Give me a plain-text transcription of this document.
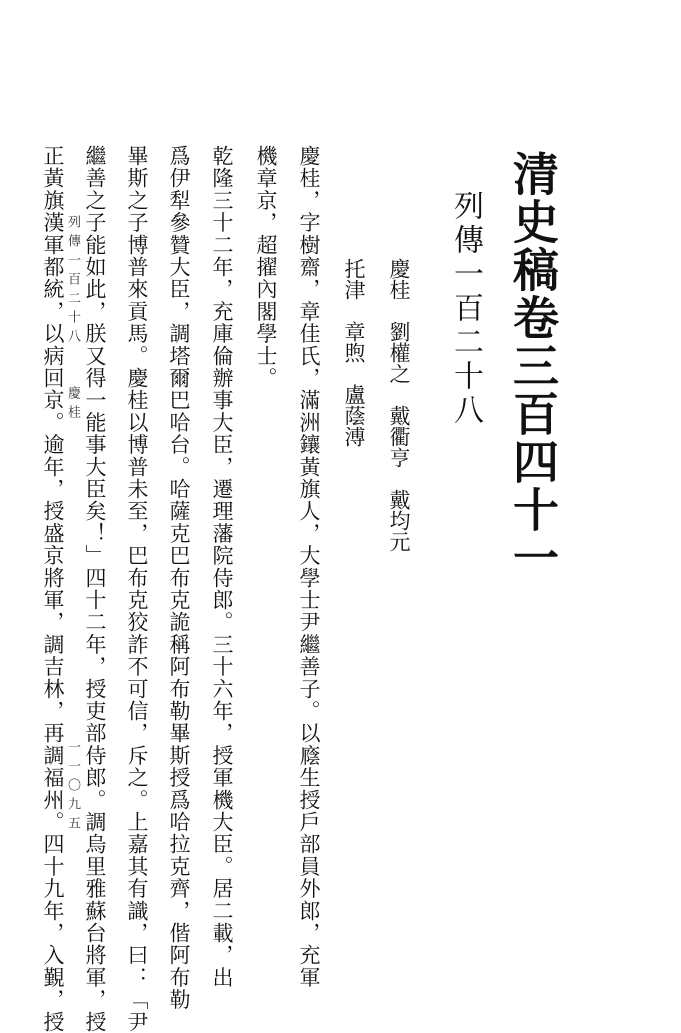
清史稿卷三百四十一
列傳一百二十八
慶桂　劉權之　戴衢亨　戴均元
托津　章煦　盧蔭溥
慶桂，字樹齋，章佳氏，滿洲鑲黃旗人，大學士尹繼善子。以廕生授戶部員外郎，充軍
機章京，超擢內閣學士。
乾隆三十二年，充庫倫辦事大臣，遷理藩院侍郎。三十六年，授軍機大臣。居二載，出
爲伊犁參贊大臣，調塔爾巴哈台。哈薩克巴布克詭稱阿布勒畢斯授爲哈拉克齊，偕阿布勒
畢斯之子博普來貢馬。慶桂以博普未至，巴布克狡詐不可信，斥之。上嘉其有識，曰：「尹
繼善之子能如此，朕又得一能事大臣矣！」四十二年，授吏部侍郎。調烏里雅蘇台將軍，授
正黃旗漢軍都統，以病回京。逾年，授盛京將軍，調吉林，再調福州。四十九年，入覲，授 列傳一百二十八　　慶桂
一一〇九五
